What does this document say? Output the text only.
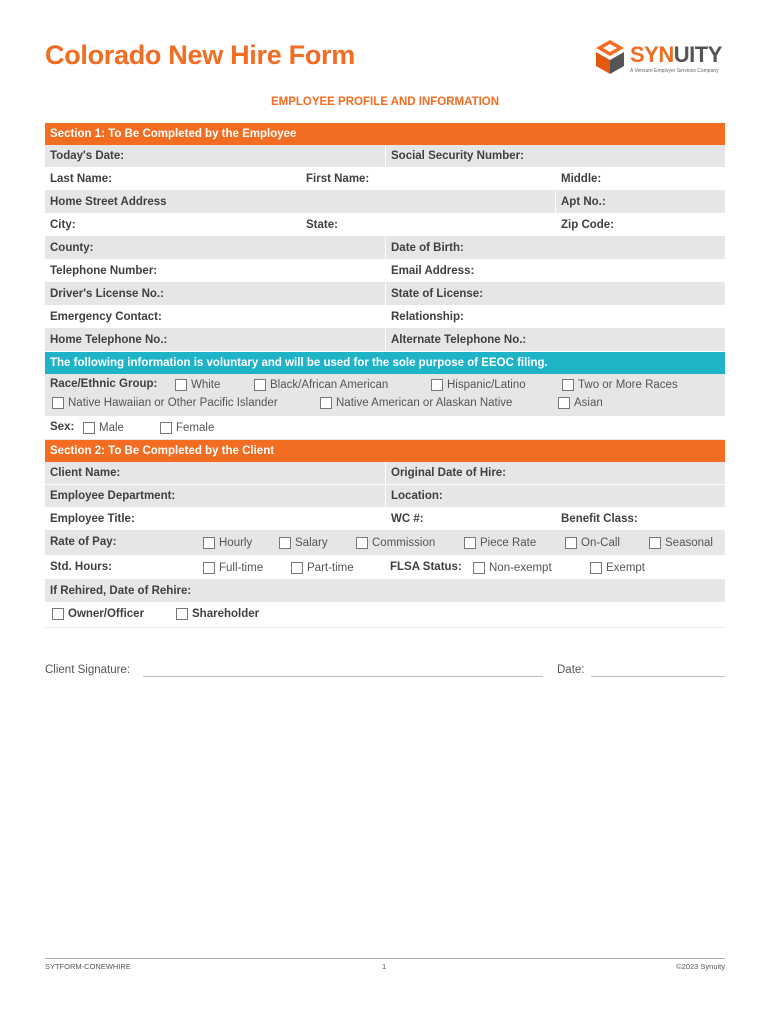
Colorado New Hire Form	SYNUITY
A Vensure Employer Services Company
EMPLOYEE PROFILE AND INFORMATION
Section 1: To Be Completed by the Employee
Today's Date:	Social Security Number:
Last Name:	First Name:	Middle:
Home Street Address	Apt No.:
City:	State:	Zip Code:
County:	Date of Birth:
Telephone Number:	Email Address:
Driver's License No.:	State of License:
Emergency Contact:	Relationship:
Home Telephone No.:	Alternate Telephone No.:
The following information is voluntary and will be used for the sole purpose of EEOC filing.
Race/Ethnic Group:	White	Black/African American	Hispanic/Latino	Two or More Races
Native Hawaiian or Other Pacific Islander	Native American or Alaskan Native	Asian
Sex: Male	Female
Section 2: To Be Completed by the Client
Client Name:	Original Date of Hire:
Employee Department:	Location:
Employee Title:	WC #:	Benefit Class:
Rate of Pay:	Hourly	Salary	Commission	Piece Rate	On-Call	Seasonal
Std. Hours:	Full-time	Part-time	FLSA Status: Non-exempt	Exempt
If Rehired, Date of Rehire:
Owner/Officer	Shareholder
Client Signature:	Date:
SYTFORM-CONEWHIRE	1	©2023 Synuity
